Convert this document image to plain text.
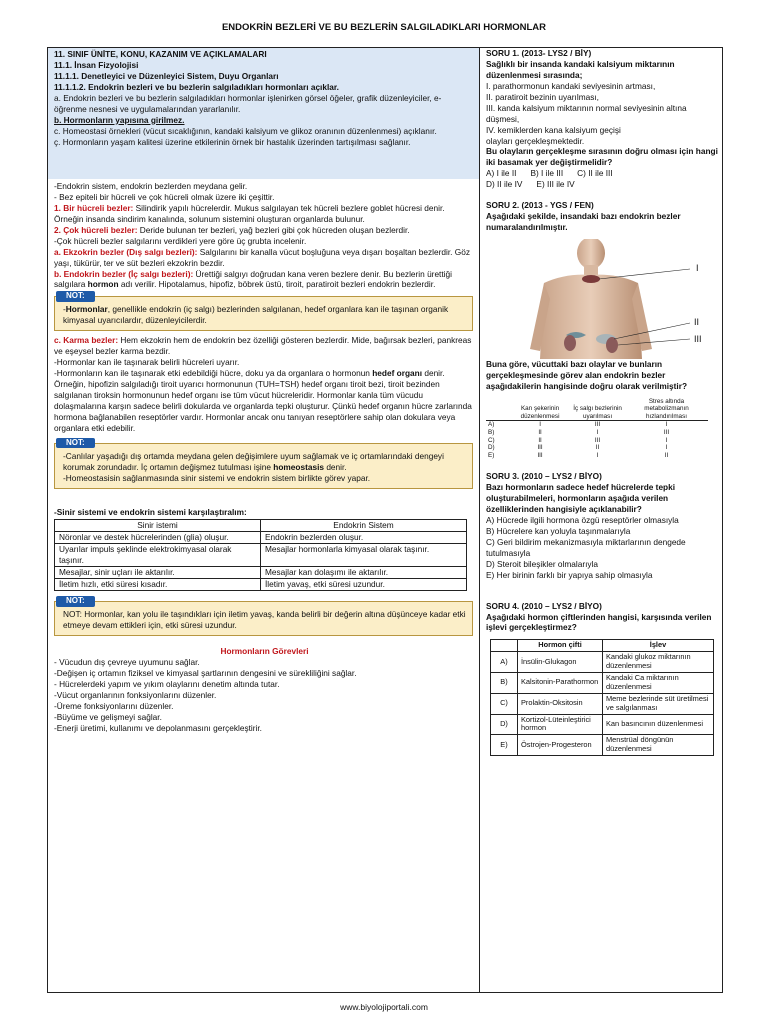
ENDOKRİN BEZLERİ VE BU BEZLERİN SALGILADIKLARI HORMONLAR

11. SINIF ÜNİTE, KONU, KAZANIM VE AÇIKLAMALARI

11.1. İnsan Fizyolojisi

11.1.1. Denetleyici ve Düzenleyici Sistem, Duyu Organları

11.1.1.2. Endokrin bezleri ve bu bezlerin salgıladıkları hormonları açıklar.

a. Endokrin bezleri ve bu bezlerin salgıladıkları hormonlar işlenirken görsel öğeler, grafik düzenleyiciler, e-öğrenme nesnesi ve uygulamalarından yararlanılır.

b. Hormonların yapısına girilmez.

c. Homeostasi örnekleri (vücut sıcaklığının, kandaki kalsiyum ve glikoz oranının düzenlenmesi) açıklanır.

ç. Hormonların yaşam kalitesi üzerine etkilerinin örnek bir hastalık üzerinden tartışılması sağlanır.

-Endokrin sistem, endokrin bezlerden meydana gelir.

- Bez epiteli bir hücreli ve çok hücreli olmak üzere iki çeşittir.

1. Bir hücreli bezler: Silindirik yapılı hücrelerdir. Mukus salgılayan tek hücreli bezlere goblet hücresi denir. Örneğin insanda sindirim kanalında, solunum sistemini oluşturan organlarda bulunur.

2. Çok hücreli bezler: Deride bulunan ter bezleri, yağ bezleri gibi çok hücreden oluşan bezlerdir.

-Çok hücreli bezler salgılarını verdikleri yere göre üç grubta incelenir.

a. Ekzokrin bezler (Dış salgı bezleri): Salgılarını bir kanalla vücut boşluğuna veya dışarı boşaltan bezlerdir. Göz yaşı, tükürür, ter ve süt bezleri ekzokrin bezdir.

b. Endokrin bezler (İç salgı bezleri): Ürettiği salgıyı doğrudan kana veren bezlere denir. Bu bezlerin ürettiği salgılara hormon adı verilir. Hipotalamus, hipofiz, böbrek üstü, tiroit, paratiroit bezleri endokrin bezlerdir.

NOT:

-Hormonlar, genellikle endokrin (iç salgı) bezlerinden salgılanan, hedef organlara kan ile taşınan organik kimyasal uyarıcılardır, düzenleyicilerdir.

c. Karma bezler: Hem ekzokrin hem de endokrin bez özelliği gösteren bezlerdir. Mide, bağırsak bezleri, pankreas ve eşeysel bezler karma bezdir.

-Hormonlar kan ile taşınarak belirli hücreleri uyarır.

-Hormonların kan ile taşınarak etki edebildiği hücre, doku ya da organlara o hormonun hedef organı denir. Örneğin, hipofizin salgıladığı tiroit uyarıcı hormonunun (TUH=TSH) hedef organı tiroit bezi, tiroit bezinden salgılanan tiroksin hormonunun hedef organı ise tüm vücut hücreleridir. Hormonlar kanla tüm vücudu dolaşmalarına karşın sadece belirli dokularda ve organlarda tepki oluşturur. Çünkü hedef organın hücre zarlarında hormona bağlanabilen reseptörler vardır. Hormonlar ancak onu tanıyan reseptörlere sahip olan dokulara veya organlara etki edebilir.

NOT:

-Canlılar yaşadığı dış ortamda meydana gelen değişimlere uyum sağlamak ve iç ortamlarındaki dengeyi korumak zorundadır. İç ortamın değişmez tutulması işine homeostasis denir.

-Homeostasisin sağlanmasında sinir sistemi ve endokrin sistem birlikte görev yapar.

-Sinir sistemi ve endokrin sistemi karşılaştıralım:

Sinir istemi	Endokrin Sistem
Nöronlar ve destek hücrelerinden (glia) oluşur.	Endokrin bezlerden oluşur.
Uyarılar impuls şeklinde elektrokimyasal olarak taşınır.	Mesajlar hormonlarla kimyasal olarak taşınır.
Mesajlar, sinir uçları ile aktarılır.	Mesajlar kan dolaşımı ile aktarılır.
İletim hızlı, etki süresi kısadır.	İletim yavaş, etki süresi uzundur.
NOT:

NOT: Hormonlar, kan yolu ile taşındıkları için iletim yavaş, kanda belirli bir değerin altına düşünceye kadar etki etmeye devam ettikleri için, etki süresi uzundur.

Hormonların Görevleri

- Vücudun dış çevreye uyumunu sağlar.

-Değişen iç ortamın fiziksel ve kimyasal şartlarının dengesini ve sürekliliğini sağlar.

- Hücrelerdeki yapım ve yıkım olaylarını denetim altında tutar.

-Vücut organlarının fonksiyonlarını düzenler.

-Üreme fonksiyonlarını düzenler.

-Büyüme ve gelişmeyi sağlar.

-Enerji üretimi, kullanımı ve depolanmasını gerçekleştirir.

SORU 1. (2013- LYS2 / BİY)

Sağlıklı bir insanda kandaki kalsiyum miktarının düzenlenmesi sırasında;

I. parathormonun kandaki seviyesinin artması,

II. paratiroit bezinin uyarılması,

III. kanda kalsiyum miktarının normal seviyesinin altına düşmesi,

IV. kemiklerden kana kalsiyum geçişi

olayları gerçekleşmektedir.

Bu olayların gerçekleşme sırasının doğru olması için hangi iki basamak yer değiştirmelidir?

A) I ile II B) I ile III C) II ile III
D) II ile IV E) III ile IV

SORU 2. (2013 - YGS / FEN)

Aşağıdaki şekilde, insandaki bazı endokrin bezler numaralandırılmıştır.

I
II
III

Buna göre, vücuttaki bazı olaylar ve bunların gerçekleşmesinde görev alan endokrin bezler aşağıdakilerin hangisinde doğru olarak verilmiştir?

	Kan şekerinin düzenlenmesi	İç salgı bezlerinin uyarılması	Stres altında metabolizmanın hızlandırılması
A)	I	III	I
B)	II	I	III
C)	II	III	I
D)	III	II	I
E)	III	I	II

SORU 3. (2010 – LYS2 / BİYO)

Bazı hormonların sadece hedef hücrelerde tepki oluşturabilmeleri, hormonların aşağıda verilen özelliklerinden hangisiyle açıklanabilir?

A) Hücrede ilgili hormona özgü reseptörler olmasıyla

B) Hücrelere kan yoluyla taşınmalarıyla

C) Geri bildirim mekanizmasıyla miktarlarının dengede tutulmasıyla

D) Steroit bileşikler olmalarıyla

E) Her birinin farklı bir yapıya sahip olmasıyla

SORU 4. (2010 – LYS2 / BİYO)

Aşağıdaki hormon çiftlerinden hangisi, karşısında verilen işlevi gerçekleştirmez?

	Hormon çifti	İşlev
A)	İnsülin-Glukagon	Kandaki glukoz miktarının düzenlenmesi
B)	Kalsitonin-Parathormon	Kandaki Ca miktarının düzenlenmesi
C)	Prolaktin-Oksitosin	Meme bezlerinde süt üretilmesi ve salgılanması
D)	Kortizol-Lüteinleştirici hormon	Kan basıncının düzenlenmesi
E)	Östrojen-Progesteron	Menstrüal döngünün düzenlenmesi
www.biyolojiportali.com
